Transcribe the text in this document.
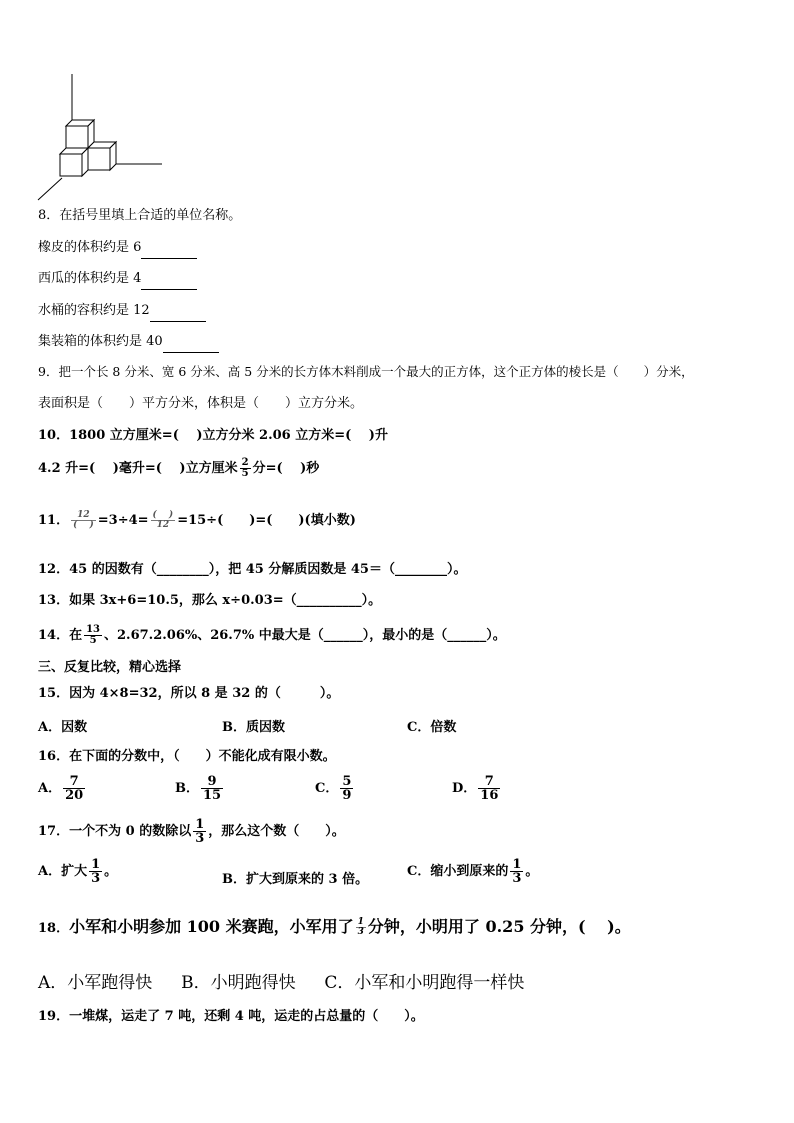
8．在括号里填上合适的单位名称。
橡皮的体积约是 6
西瓜的体积约是 4
水桶的容积约是 12
集装箱的体积约是 40
9．把一个长 8 分米、宽 6 分米、高 5 分米的长方体木料削成一个最大的正方体，这个正方体的棱长是（　　）分米，
表面积是（　　）平方分米，体积是（　　）立方分米。
10．1800 立方厘米=(　 )立方分米 2.06 立方米=(　 )升
4.2 升=(　 )毫升=(　 )立方厘米 $\frac{2}{5}$ 分=(　 )秒
11． $\frac{12}{( )} =3\div 4= \frac{( )}{12} =15\div$(　　)=(　　)(填小数)
12．45 的因数有（________），把 45 分解质因数是 45＝（________）。
13．如果 3x+6=10.5，那么 x÷0.03=（__________）。
14．在 $\frac{13}{5}$ 、2.67.2.06%、26.7% 中最大是（______），最小的是（______）。
三、反复比较，精心选择
15．因为 4×8=32，所以 8 是 32 的（　　　）。
A．因数	B．质因数	C．倍数
16．在下面的分数中，（　　）不能化成有限小数。
A． $\frac{7}{20}$	B． $\frac{9}{15}$	C． $\frac{5}{9}$	D． $\frac{7}{16}$
17．一个不为 0 的数除以 $\frac{1}{3}$ ，那么这个数（　　）。
A．扩大 $\frac{1}{3}$ 。
B．扩大到原来的 3 倍。
C．缩小到原来的 $\frac{1}{3}$ 。
18．小军和小明参加 100 米赛跑，小军用了 $\frac{1}{3}$ 分钟，小明用了 0.25 分钟，(　 )。
A．小军跑得快 B．小明跑得快 C．小军和小明跑得一样快
19．一堆煤，运走了 7 吨，还剩 4 吨，运走的占总量的（　　）。
